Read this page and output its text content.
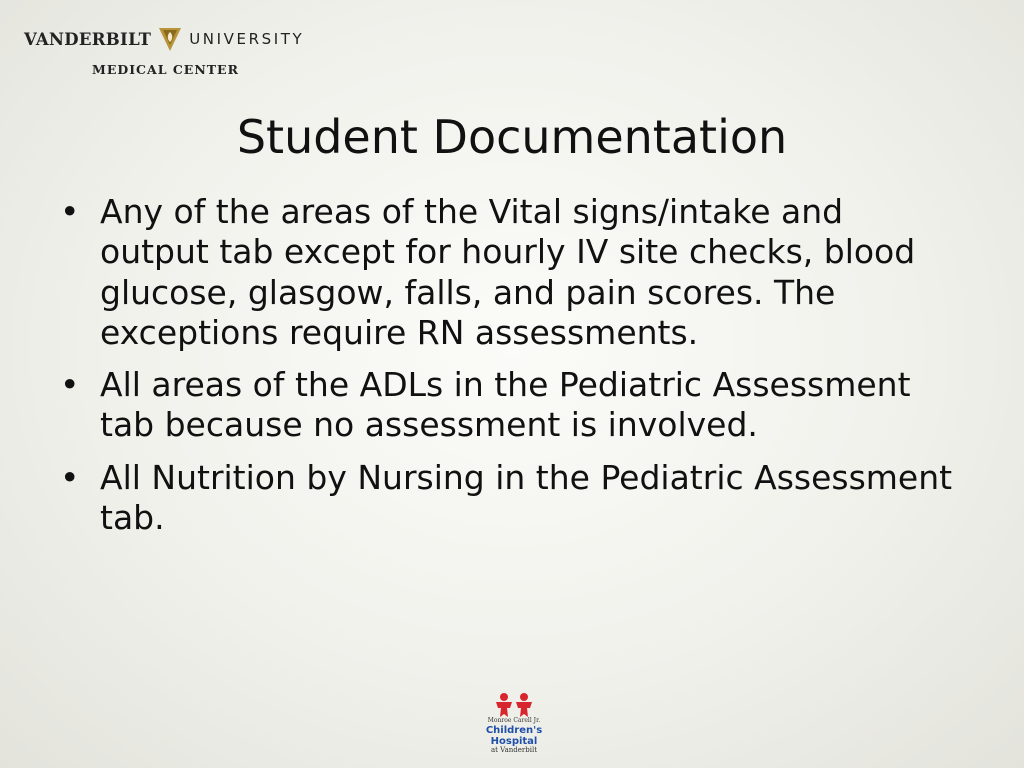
VANDERBILT	UNIVERSITY
MEDICAL CENTER
Student Documentation
• Any of the areas of the Vital signs/intake and output tab except for hourly IV site checks, blood glucose, glasgow, falls, and pain scores. The exceptions require RN assessments.
• All areas of the ADLs in the Pediatric Assessment tab because no assessment is involved.
• All Nutrition by Nursing in the Pediatric Assessment tab.
Monroe Carell Jr.
Children's Hospital
at Vanderbilt
